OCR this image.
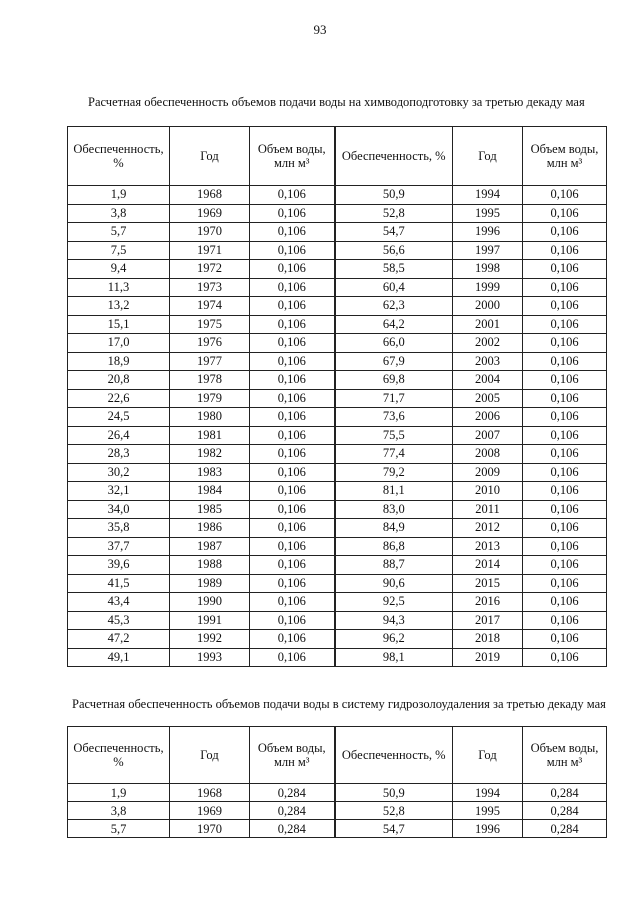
93
Расчетная обеспеченность объемов подачи воды на химводоподготовку за третью декаду мая
Обеспеченность, %	Год	Объем воды, млн м³	Обеспеченность, %	Год	Объем воды, млн м³
1,9	1968	0,106	50,9	1994	0,106
3,8	1969	0,106	52,8	1995	0,106
5,7	1970	0,106	54,7	1996	0,106
7,5	1971	0,106	56,6	1997	0,106
9,4	1972	0,106	58,5	1998	0,106
11,3	1973	0,106	60,4	1999	0,106
13,2	1974	0,106	62,3	2000	0,106
15,1	1975	0,106	64,2	2001	0,106
17,0	1976	0,106	66,0	2002	0,106
18,9	1977	0,106	67,9	2003	0,106
20,8	1978	0,106	69,8	2004	0,106
22,6	1979	0,106	71,7	2005	0,106
24,5	1980	0,106	73,6	2006	0,106
26,4	1981	0,106	75,5	2007	0,106
28,3	1982	0,106	77,4	2008	0,106
30,2	1983	0,106	79,2	2009	0,106
32,1	1984	0,106	81,1	2010	0,106
34,0	1985	0,106	83,0	2011	0,106
35,8	1986	0,106	84,9	2012	0,106
37,7	1987	0,106	86,8	2013	0,106
39,6	1988	0,106	88,7	2014	0,106
41,5	1989	0,106	90,6	2015	0,106
43,4	1990	0,106	92,5	2016	0,106
45,3	1991	0,106	94,3	2017	0,106
47,2	1992	0,106	96,2	2018	0,106
49,1	1993	0,106	98,1	2019	0,106
Расчетная обеспеченность объемов подачи воды в систему гидрозолоудаления за третью декаду мая
Обеспеченность, %	Год	Объем воды, млн м³	Обеспеченность, %	Год	Объем воды, млн м³
1,9	1968	0,284	50,9	1994	0,284
3,8	1969	0,284	52,8	1995	0,284
5,7	1970	0,284	54,7	1996	0,284
